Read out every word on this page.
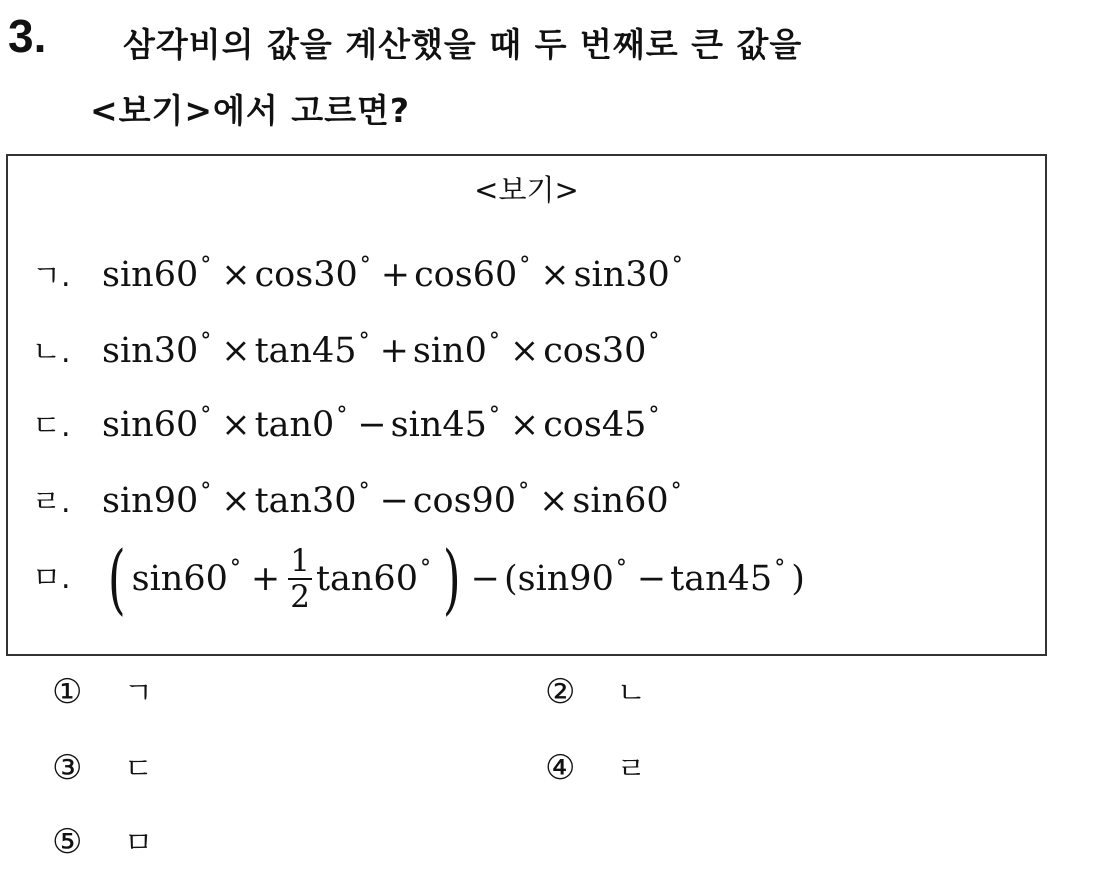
3.	삼각비의 값을 계산했을 때 두 번째로 큰 값을
<보기>에서 고르면?
<보기>
ㄱ. sin60° × cos30° + cos60° × sin30°
ㄴ. sin30° × tan45° + sin0° × cos30°
ㄷ. sin60° × tan0° − sin45° × cos45°
ㄹ. sin90° × tan30° − cos90° × sin60°
ㅁ. ( $\sin 60^\circ + \frac{1}{2} \tan 60^\circ$ ) − (sin90° − tan45° )
① ㄱ	② ㄴ
③ ㄷ	④ ㄹ
⑤ ㅁ
